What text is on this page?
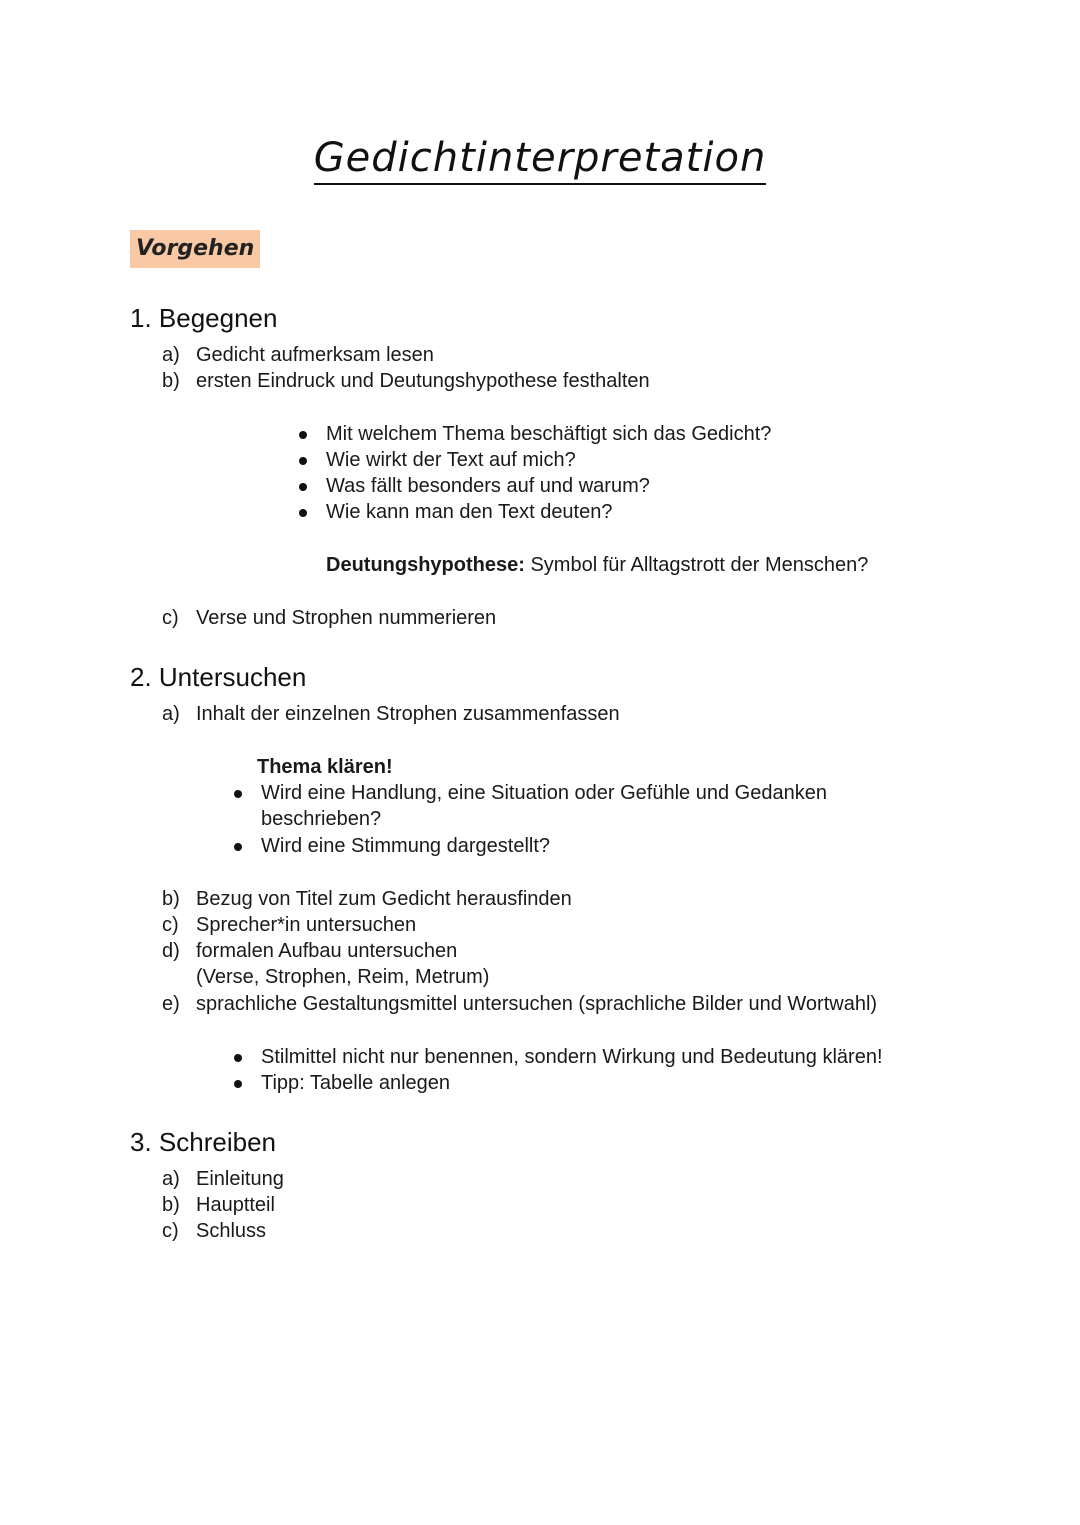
Gedichtinterpretation
Vorgehen
1. Begegnen
a) Gedicht aufmerksam lesen
b) ersten Eindruck und Deutungshypothese festhalten
Mit welchem Thema beschäftigt sich das Gedicht?
Wie wirkt der Text auf mich?
Was fällt besonders auf und warum?
Wie kann man den Text deuten?
Deutungshypothese: Symbol für Alltagstrott der Menschen?
c) Verse und Strophen nummerieren
2. Untersuchen
a) Inhalt der einzelnen Strophen zusammenfassen
Thema klären!
Wird eine Handlung, eine Situation oder Gefühle und Gedanken
beschrieben?
Wird eine Stimmung dargestellt?
b) Bezug von Titel zum Gedicht herausfinden
c) Sprecher*in untersuchen
d) formalen Aufbau untersuchen
(Verse, Strophen, Reim, Metrum)
e) sprachliche Gestaltungsmittel untersuchen (sprachliche Bilder und Wortwahl)
Stilmittel nicht nur benennen, sondern Wirkung und Bedeutung klären!
Tipp: Tabelle anlegen
3. Schreiben
a) Einleitung
b) Hauptteil
c) Schluss
